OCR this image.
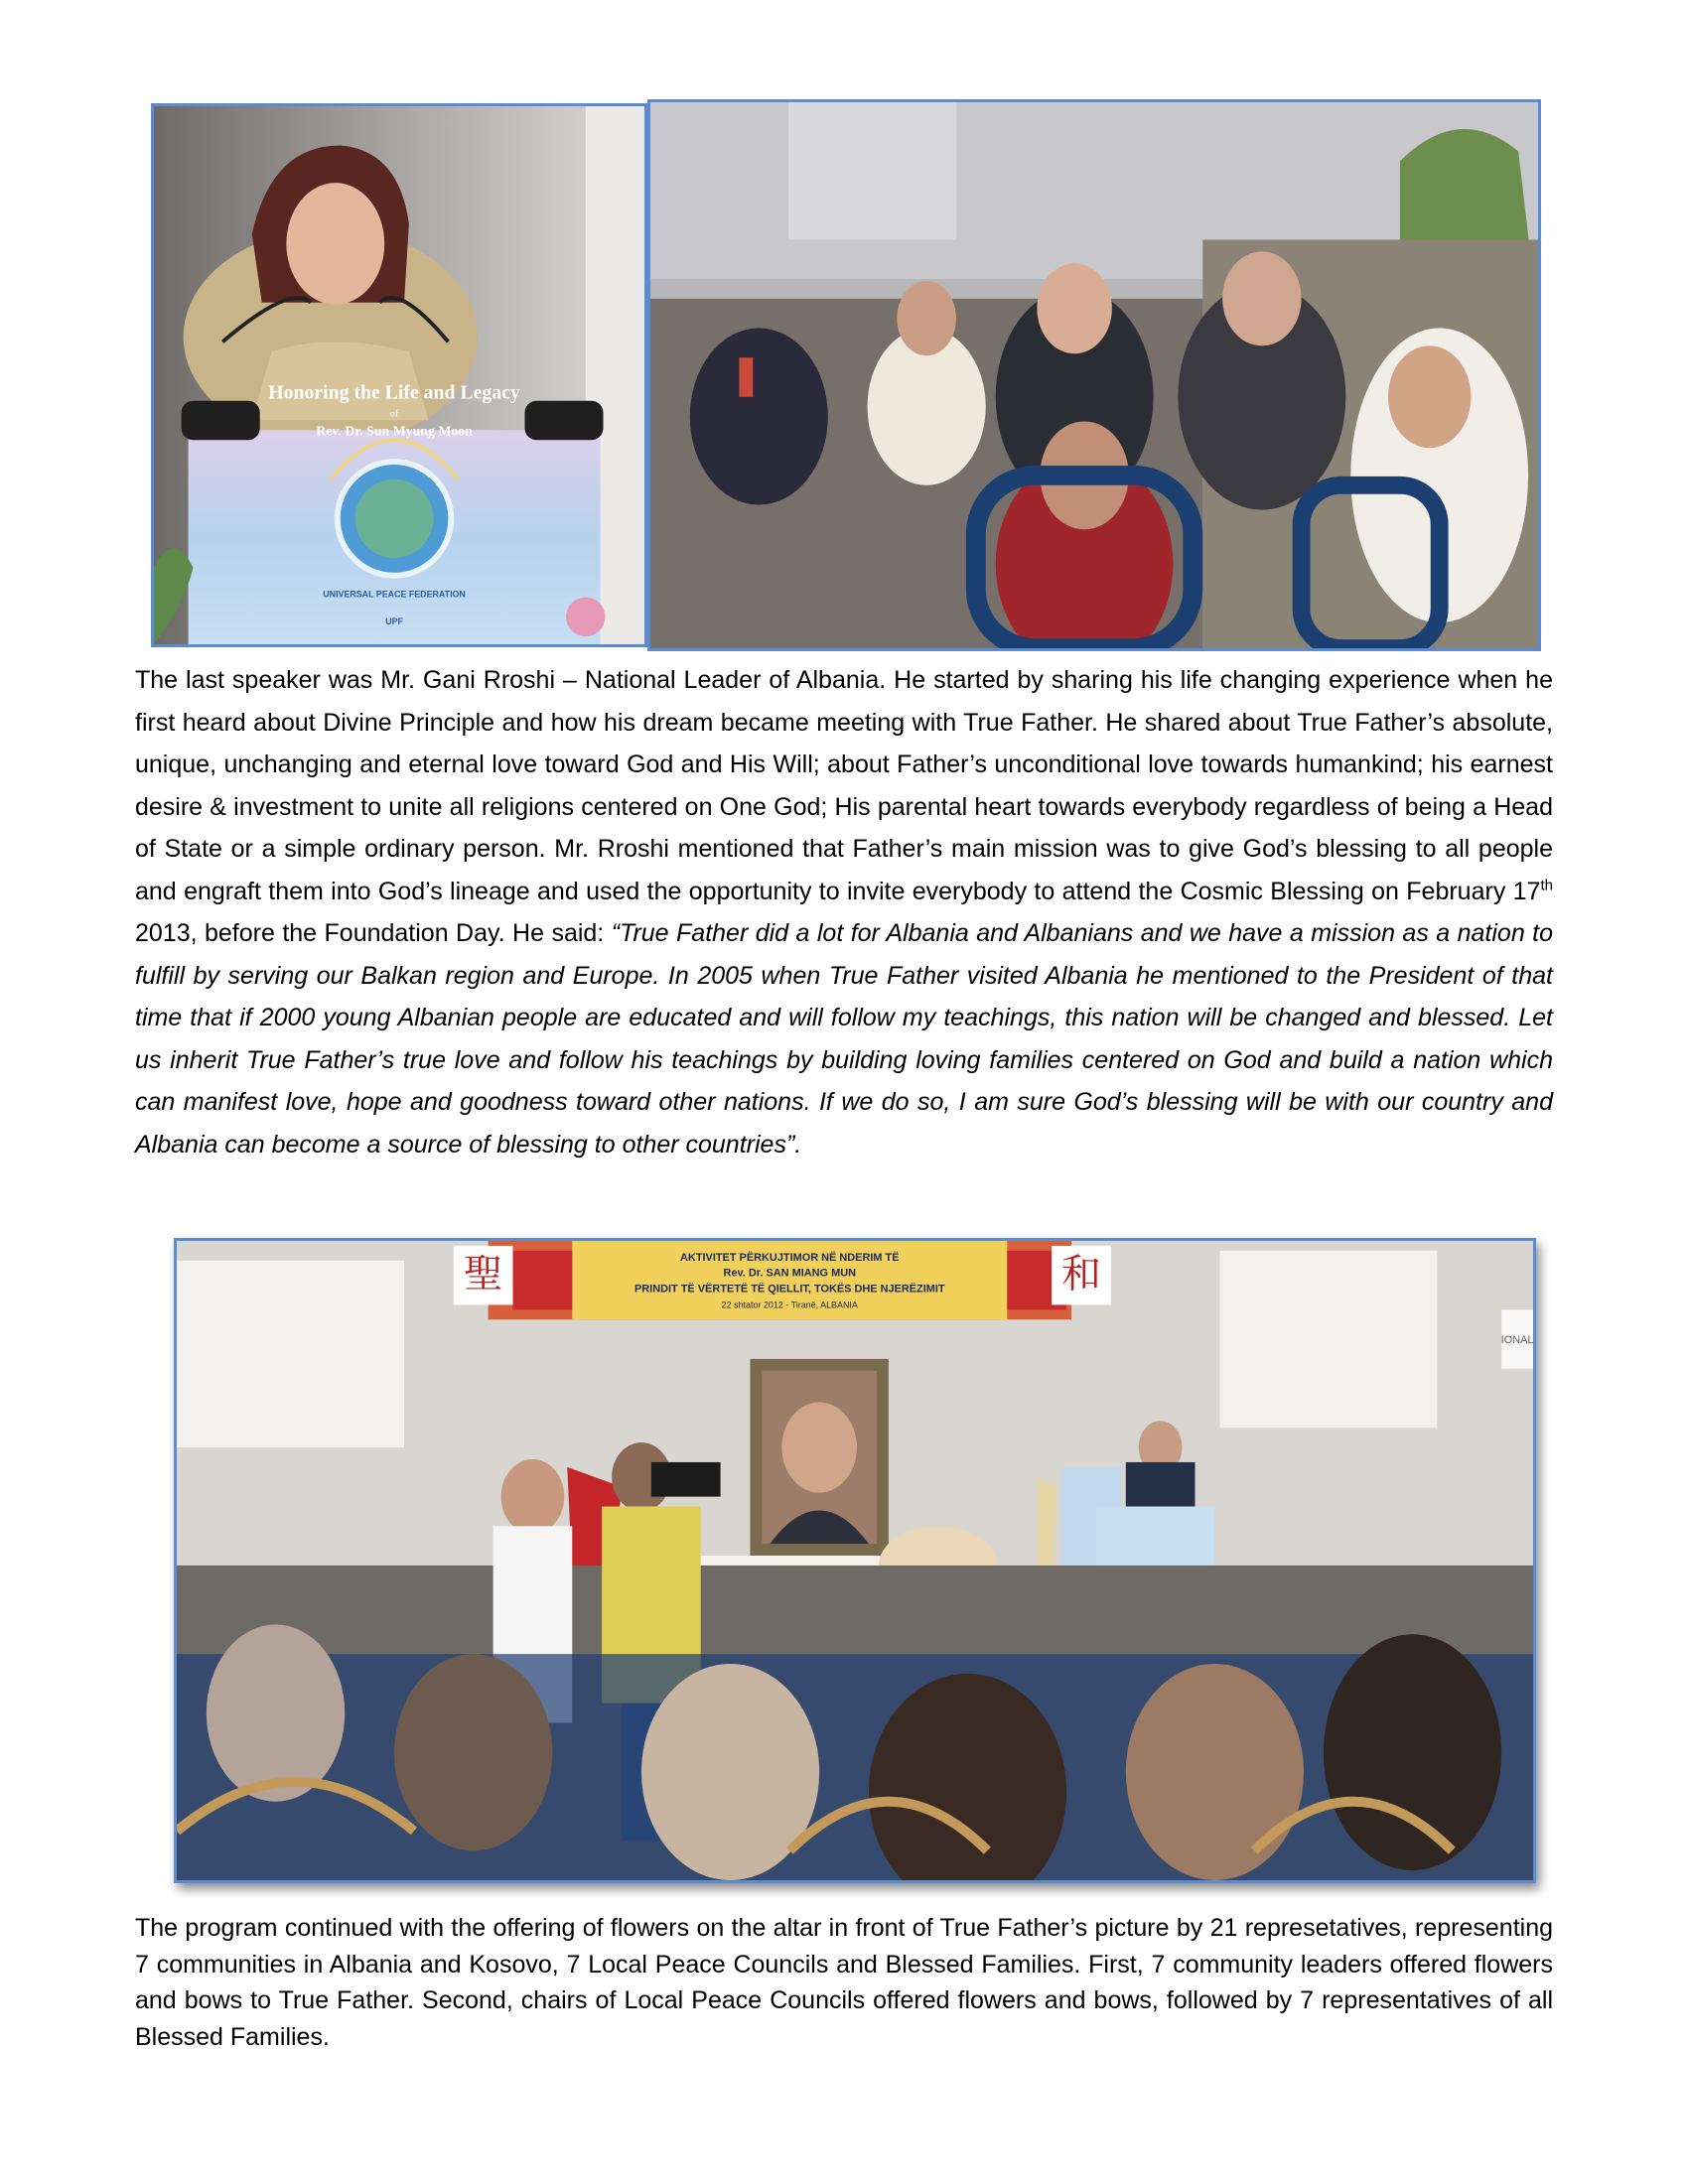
Honoring the Life and Legacy
of
Rev. Dr. Sun Myung Moon
UNIVERSAL PEACE FEDERATION
UPF

The last speaker was Mr. Gani Rroshi – National Leader of Albania. He started by sharing his life changing experience when he first heard about Divine Principle and how his dream became meeting with True Father. He shared about True Father’s absolute, unique, unchanging and eternal love toward God and His Will; about Father’s unconditional love towards humankind; his earnest desire & investment to unite all religions centered on One God; His parental heart towards everybody regardless of being a Head of State or a simple ordinary person. Mr. Rroshi mentioned that Father’s main mission was to give God’s blessing to all people and engraft them into God’s lineage and used the opportunity to invite everybody to attend the Cosmic Blessing on February 17th 2013, before the Foundation Day. He said: “True Father did a lot for Albania and Albanians and we have a mission as a nation to fulfill by serving our Balkan region and Europe. In 2005 when True Father visited Albania he mentioned to the President of that time that if 2000 young Albanian people are educated and will follow my teachings, this nation will be changed and blessed. Let us inherit True Father’s true love and follow his teachings by building loving families centered on God and build a nation which can manifest love, hope and goodness toward other nations. If we do so, I am sure God’s blessing will be with our country and Albania can become a source of blessing to other countries”.

IONAL
聖	和
AKTIVITET PËRKUJTIMOR NË NDERIM TË
Rev. Dr. SAN MIANG MUN
PRINDIT TË VËRTETË TË QIELLIT, TOKËS DHE NJERËZIMIT
22 shtator 2012 - Tiranë, ALBANIA

The program continued with the offering of flowers on the altar in front of True Father’s picture by 21 represetatives, representing 7 communities in Albania and Kosovo, 7 Local Peace Councils and Blessed Families. First, 7 community leaders offered flowers and bows to True Father. Second, chairs of Local Peace Councils offered flowers and bows, followed by 7 representatives of all Blessed Families.
